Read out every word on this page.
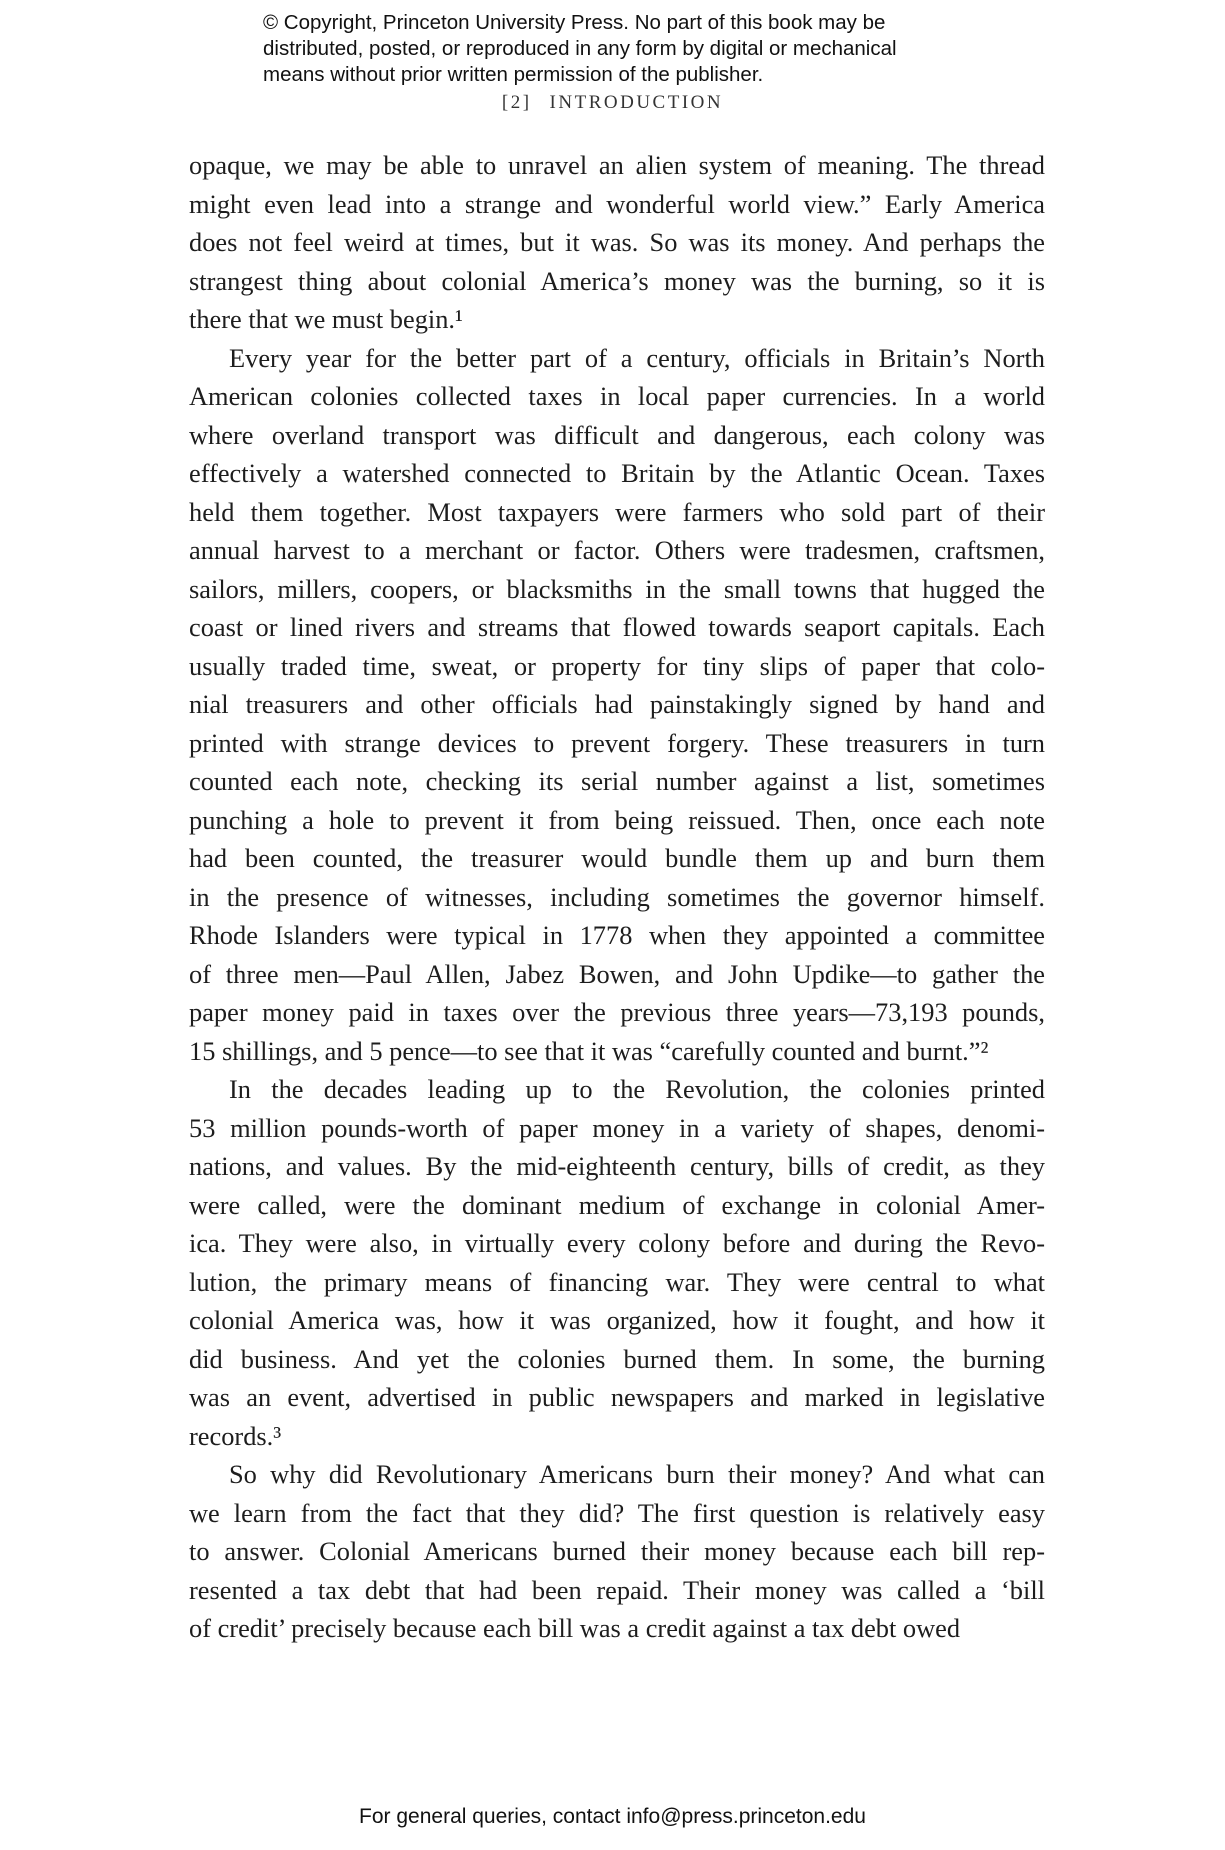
© Copyright, Princeton University Press. No part of this book may be

distributed, posted, or reproduced in any form by digital or mechanical

means without prior written permission of the publisher.

[2] INTRODUCTION
opaque, we may be able to unravel an alien system of meaning. The thread
might even lead into a strange and wonderful world view.” Early America
does not feel weird at times, but it was. So was its money. And perhaps the
strangest thing about colonial America’s money was the burning, so it is
there that we must begin.¹
Every year for the better part of a century, officials in Britain’s North
American colonies collected taxes in local paper currencies. In a world
where overland transport was difficult and dangerous, each colony was
effectively a watershed connected to Britain by the Atlantic Ocean. Taxes
held them together. Most taxpayers were farmers who sold part of their
annual harvest to a merchant or factor. Others were tradesmen, craftsmen,
sailors, millers, coopers, or blacksmiths in the small towns that hugged the
coast or lined rivers and streams that flowed towards seaport capitals. Each
usually traded time, sweat, or property for tiny slips of paper that colo-
nial treasurers and other officials had painstakingly signed by hand and
printed with strange devices to prevent forgery. These treasurers in turn
counted each note, checking its serial number against a list, sometimes
punching a hole to prevent it from being reissued. Then, once each note
had been counted, the treasurer would bundle them up and burn them
in the presence of witnesses, including sometimes the governor himself.
Rhode Islanders were typical in 1778 when they appointed a committee
of three men—Paul Allen, Jabez Bowen, and John Updike—to gather the
paper money paid in taxes over the previous three years—73,193 pounds,
15 shillings, and 5 pence—to see that it was “carefully counted and burnt.”²
In the decades leading up to the Revolution, the colonies printed
53 million pounds-worth of paper money in a variety of shapes, denomi-
nations, and values. By the mid-eighteenth century, bills of credit, as they
were called, were the dominant medium of exchange in colonial Amer-
ica. They were also, in virtually every colony before and during the Revo-
lution, the primary means of financing war. They were central to what
colonial America was, how it was organized, how it fought, and how it
did business. And yet the colonies burned them. In some, the burning
was an event, advertised in public newspapers and marked in legislative
records.³
So why did Revolutionary Americans burn their money? And what can
we learn from the fact that they did? The first question is relatively easy
to answer. Colonial Americans burned their money because each bill rep-
resented a tax debt that had been repaid. Their money was called a ‘bill
of credit’ precisely because each bill was a credit against a tax debt owed
For general queries, contact info@press.princeton.edu
